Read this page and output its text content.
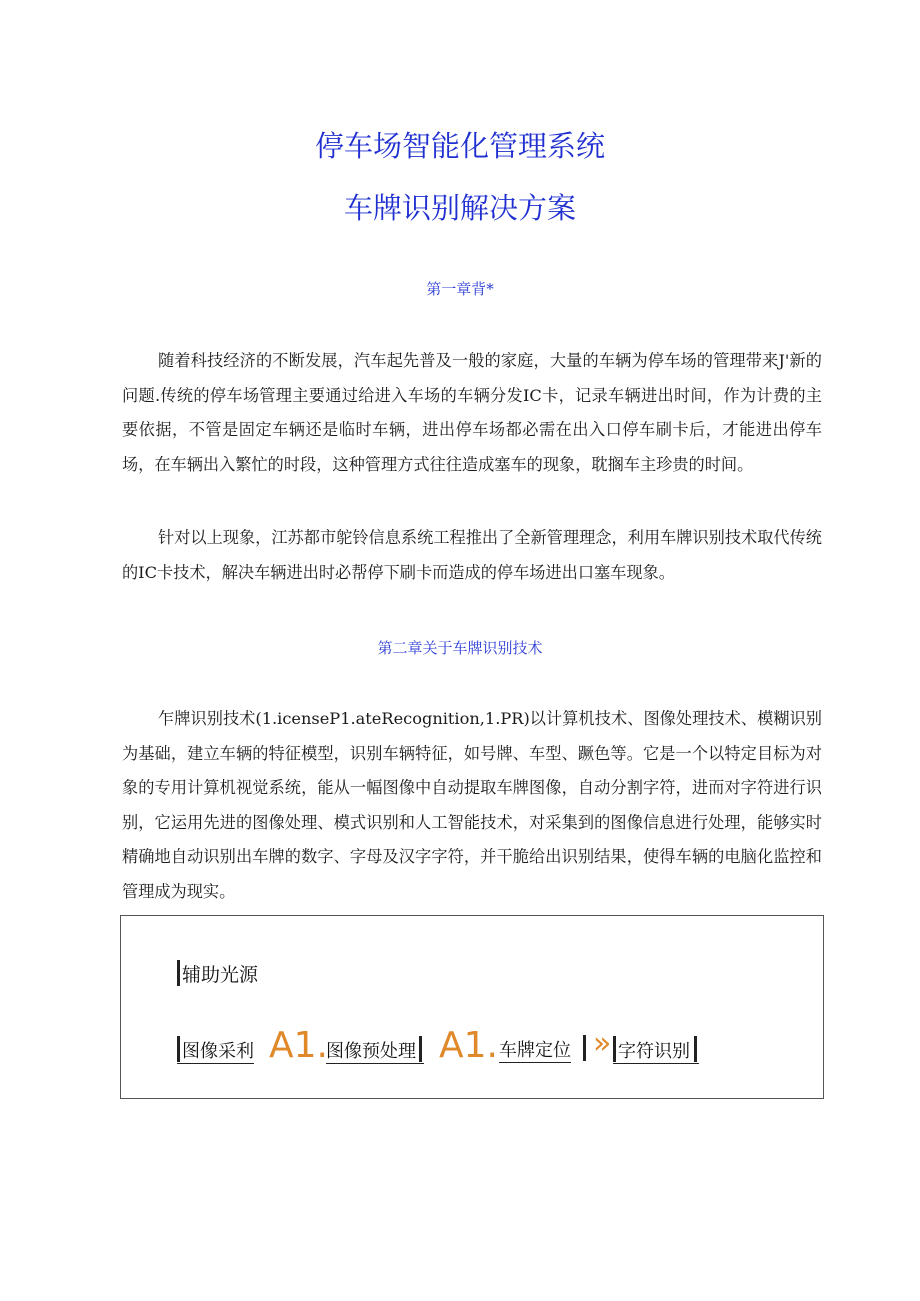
停车场智能化管理系统
车牌识别解决方案
第一章背*

随着科技经济的不断发展，汽车起先普及一般的家庭，大量的车辆为停车场的管理带来J'新的问题.传统的停车场管理主要通过给进入车场的车辆分发IC卡，记录车辆进出时间，作为计费的主要依据，不管是固定车辆还是临时车辆，进出停车场都必需在出入口停车刷卡后，才能进出停车场，在车辆出入繁忙的时段，这种管理方式往往造成塞车的现象，耽搁车主珍贵的时间。

针对以上现象，江苏都市鸵铃信息系统工程推出了全新管理理念，利用车牌识别技术取代传统的IC卡技术，解决车辆进出时必帮停下刷卡而造成的停车场进出口塞车现象。

第二章关于车牌识别技术

乍牌识别技术(1.icenseP1.ateRecognition,1.PR)以计算机技术、图像处理技术、模糊识别为基础，建立车辆的特征模型，识别车辆特征，如号牌、车型、蹶色等。它是一个以特定目标为对象的专用计算机视觉系统，能从一幅图像中自动提取车牌图像，自动分割字符，进而对字符进行识别，它运用先进的图像处理、模式识别和人工智能技术，对采集到的图像信息进行处理，能够实时精确地自动识别出车牌的数字、字母及汉字字符，并干脆给出识别结果，使得车辆的电脑化监控和管理成为现实。

辅助光源
图像采利 A1.
图像预处理 A1. 车牌定位 » 字符识别
